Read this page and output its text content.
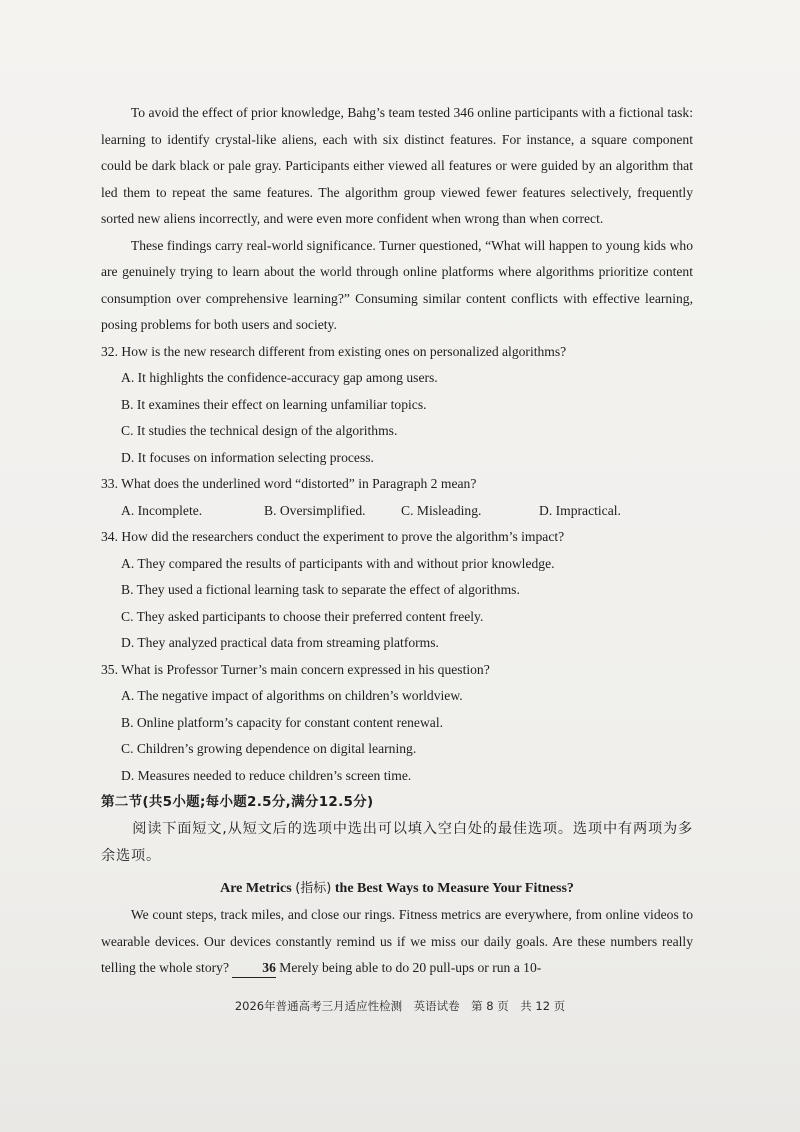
To avoid the effect of prior knowledge, Bahg’s team tested 346 online participants with a fictional task: learning to identify crystal-like aliens, each with six distinct features. For instance, a square component could be dark black or pale gray. Participants either viewed all features or were guided by an algorithm that led them to repeat the same features. The algorithm group viewed fewer features selectively, frequently sorted new aliens incorrectly, and were even more confident when wrong than when correct.

These findings carry real-world significance. Turner questioned, “What will happen to young kids who are genuinely trying to learn about the world through online platforms where algorithms prioritize content consumption over comprehensive learning?” Consuming similar content conflicts with effective learning, posing problems for both users and society.

32. How is the new research different from existing ones on personalized algorithms?

A. It highlights the confidence-accuracy gap among users.

B. It examines their effect on learning unfamiliar topics.

C. It studies the technical design of the algorithms.

D. It focuses on information selecting process.

33. What does the underlined word “distorted” in Paragraph 2 mean?

A. Incomplete.	B. Oversimplified.	C. Misleading.	D. Impractical.

34. How did the researchers conduct the experiment to prove the algorithm’s impact?

A. They compared the results of participants with and without prior knowledge.

B. They used a fictional learning task to separate the effect of algorithms.

C. They asked participants to choose their preferred content freely.

D. They analyzed practical data from streaming platforms.

35. What is Professor Turner’s main concern expressed in his question?

A. The negative impact of algorithms on children’s worldview.

B. Online platform’s capacity for constant content renewal.

C. Children’s growing dependence on digital learning.

D. Measures needed to reduce children’s screen time.

第二节(共5小题;每小题2.5分,满分12.5分)

阅读下面短文,从短文后的选项中选出可以填入空白处的最佳选项。选项中有两项为多余选项。

Are Metrics (指标) the Best Ways to Measure Your Fitness?

We count steps, track miles, and close our rings. Fitness metrics are everywhere, from online videos to wearable devices. Our devices constantly remind us if we miss our daily goals. Are these numbers really telling the whole story? 36 Merely being able to do 20 pull-ups or run a 10-

2026年普通高考三月适应性检测　英语试卷　第 8 页　共 12 页
